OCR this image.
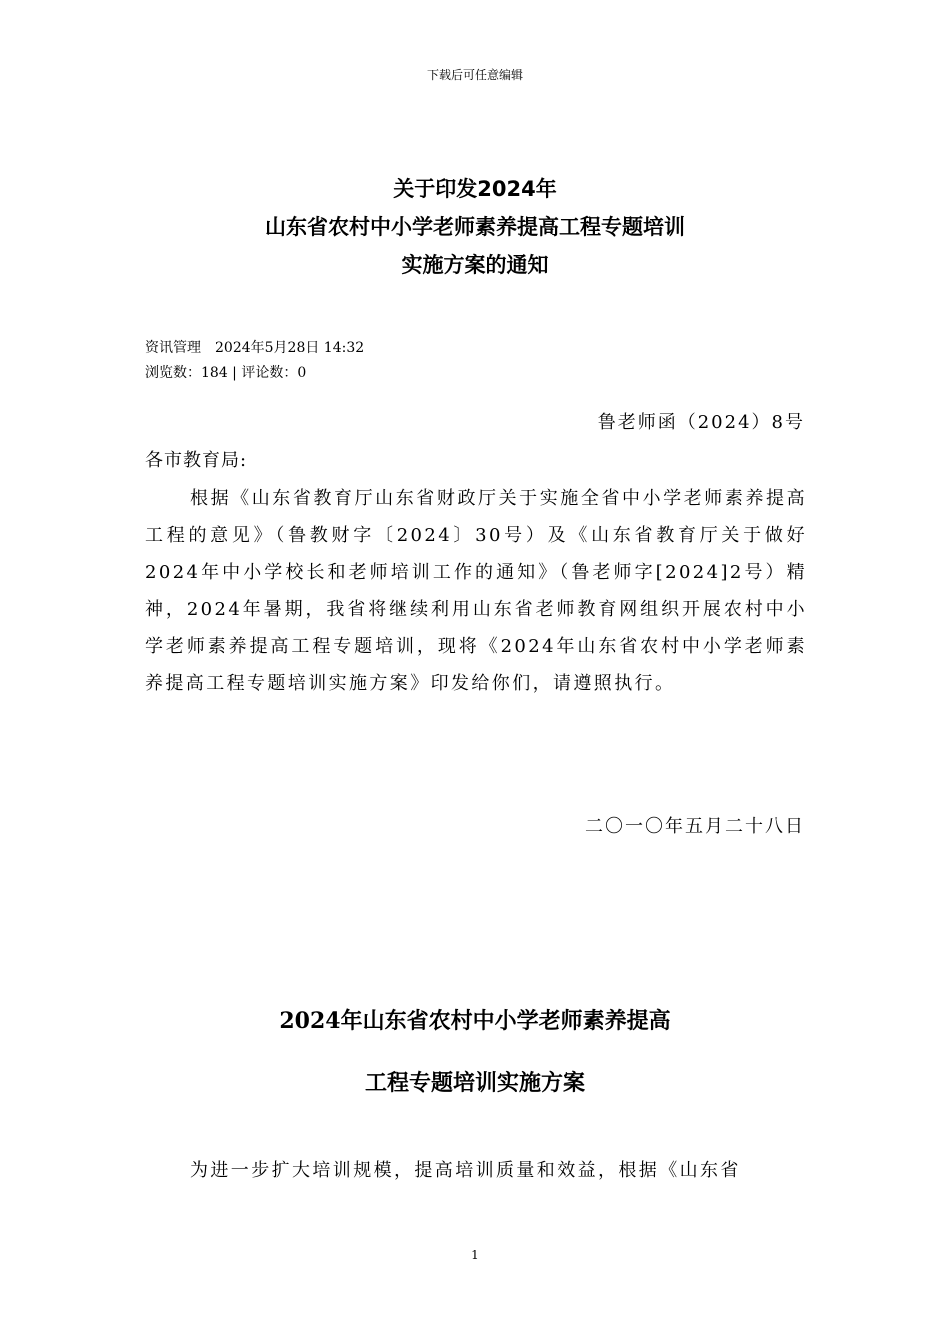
下载后可任意编辑
关于印发2024年
山东省农村中小学老师素养提高工程专题培训
实施方案的通知
资讯管理　2024年5月28日 14:32
浏览数：184 | 评论数：0
鲁老师函（2024）8号
各市教育局:
根据《山东省教育厅山东省财政厅关于实施全省中小学老师素养提高工程的意见》（鲁教财字〔2024〕30号）及《山东省教育厅关于做好2024年中小学校长和老师培训工作的通知》（鲁老师字[2024]2号）精神，2024年暑期，我省将继续利用山东省老师教育网组织开展农村中小学老师素养提高工程专题培训，现将《2024年山东省农村中小学老师素养提高工程专题培训实施方案》印发给你们，请遵照执行。
二〇一〇年五月二十八日
2024年山东省农村中小学老师素养提高
工程专题培训实施方案
为进一步扩大培训规模，提高培训质量和效益，根据《山东省
1
